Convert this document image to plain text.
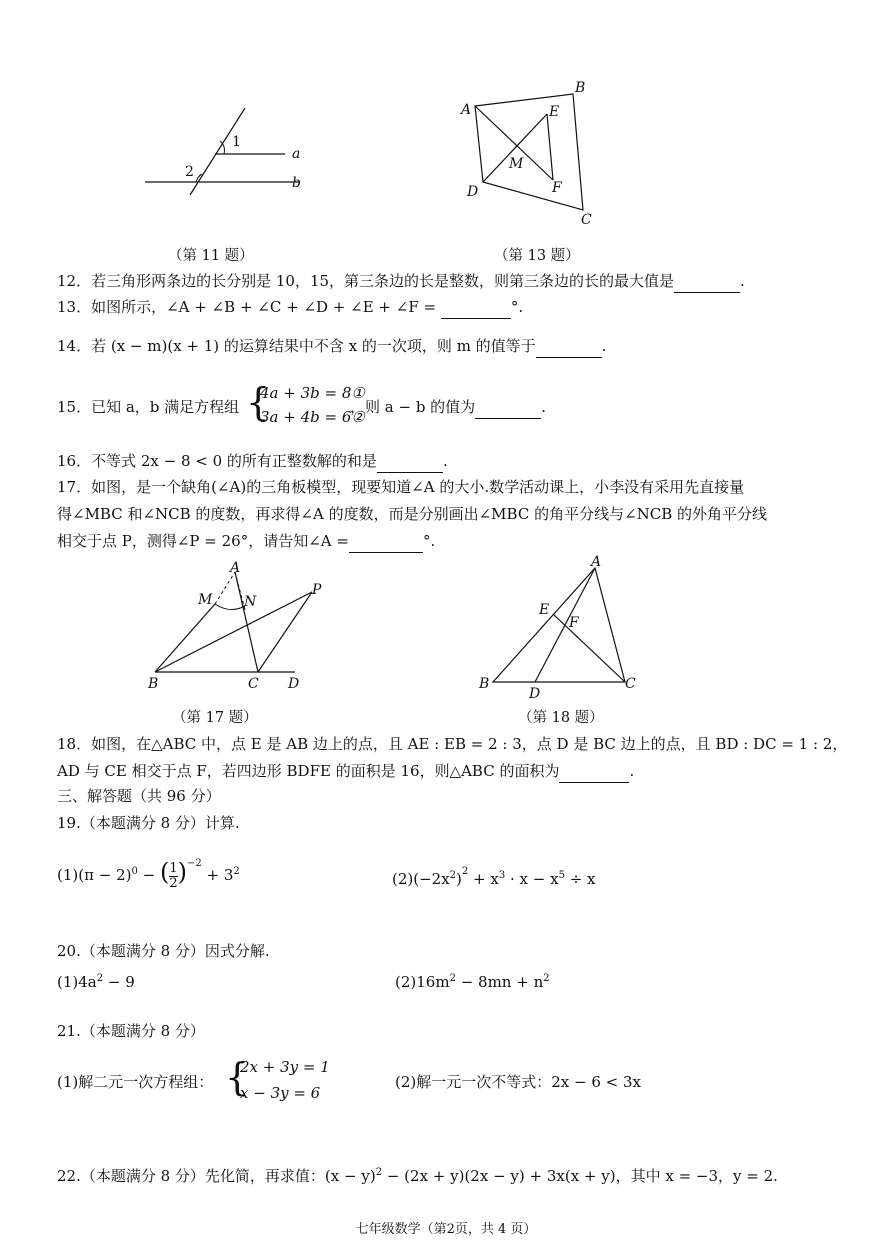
1
2
a
b
（第 11 题）
A
B
C
D
E
F
M
（第 13 题）
12．若三角形两条边的长分别是 10，15，第三条边的长是整数，则第三条边的长的最大值是	.
13．如图所示，∠A + ∠B + ∠C + ∠D + ∠E + ∠F =	°.
14．若 (x − m)(x + 1) 的运算结果中不含 x 的一次项，则 m 的值等于	.
15．已知 a，b 满足方程组 {
4a + 3b = 8①
3a + 4b = 6②
，则 a − b 的值为	.
16．不等式 2x − 8 < 0 的所有正整数解的和是	.
17．如图，是一个缺角(∠A)的三角板模型，现要知道∠A 的大小.数学活动课上，小李没有采用先直接量
得∠MBC 和∠NCB 的度数，再求得∠A 的度数，而是分别画出∠MBC 的角平分线与∠NCB 的外角平分线
相交于点 P，测得∠P = 26°，请告知∠A =	°.
A
M N
P
B	C D
（第 17 题）
A
E
F
B
D
C
（第 18 题）
18．如图，在△ABC 中，点 E 是 AB 边上的点，且 AE : EB = 2 : 3，点 D 是 BC 边上的点，且 BD : DC = 1 : 2，
AD 与 CE 相交于点 F，若四边形 BDFE 的面积是 16，则△ABC 的面积为	.
三、解答题（共 96 分）
19.（本题满分 8 分）计算.
$(1)(\pi - 2)^0$ − ( $\frac{1}{2} )^{-2} + 3^2$	$(2)(-2x^2)^2 + x^3 \cdot x - x^5 \div x$
20.（本题满分 8 分）因式分解.
$(1)4a^2 - 9$	$(2)16m^2 - 8mn + n^2$
21.（本题满分 8 分）
(1)解二元一次方程组： {
2x + 3y = 1
x − 3y = 6
(2)解一元一次不等式：2x − 6 < 3x
22.（本题满分 8 分）先化简，再求值：$(x - y)^2 - (2x + y)(2x - y) + 3x(x + y)$，其中 x = −3，y = 2.
七年级数学（第2页，共 4 页）
